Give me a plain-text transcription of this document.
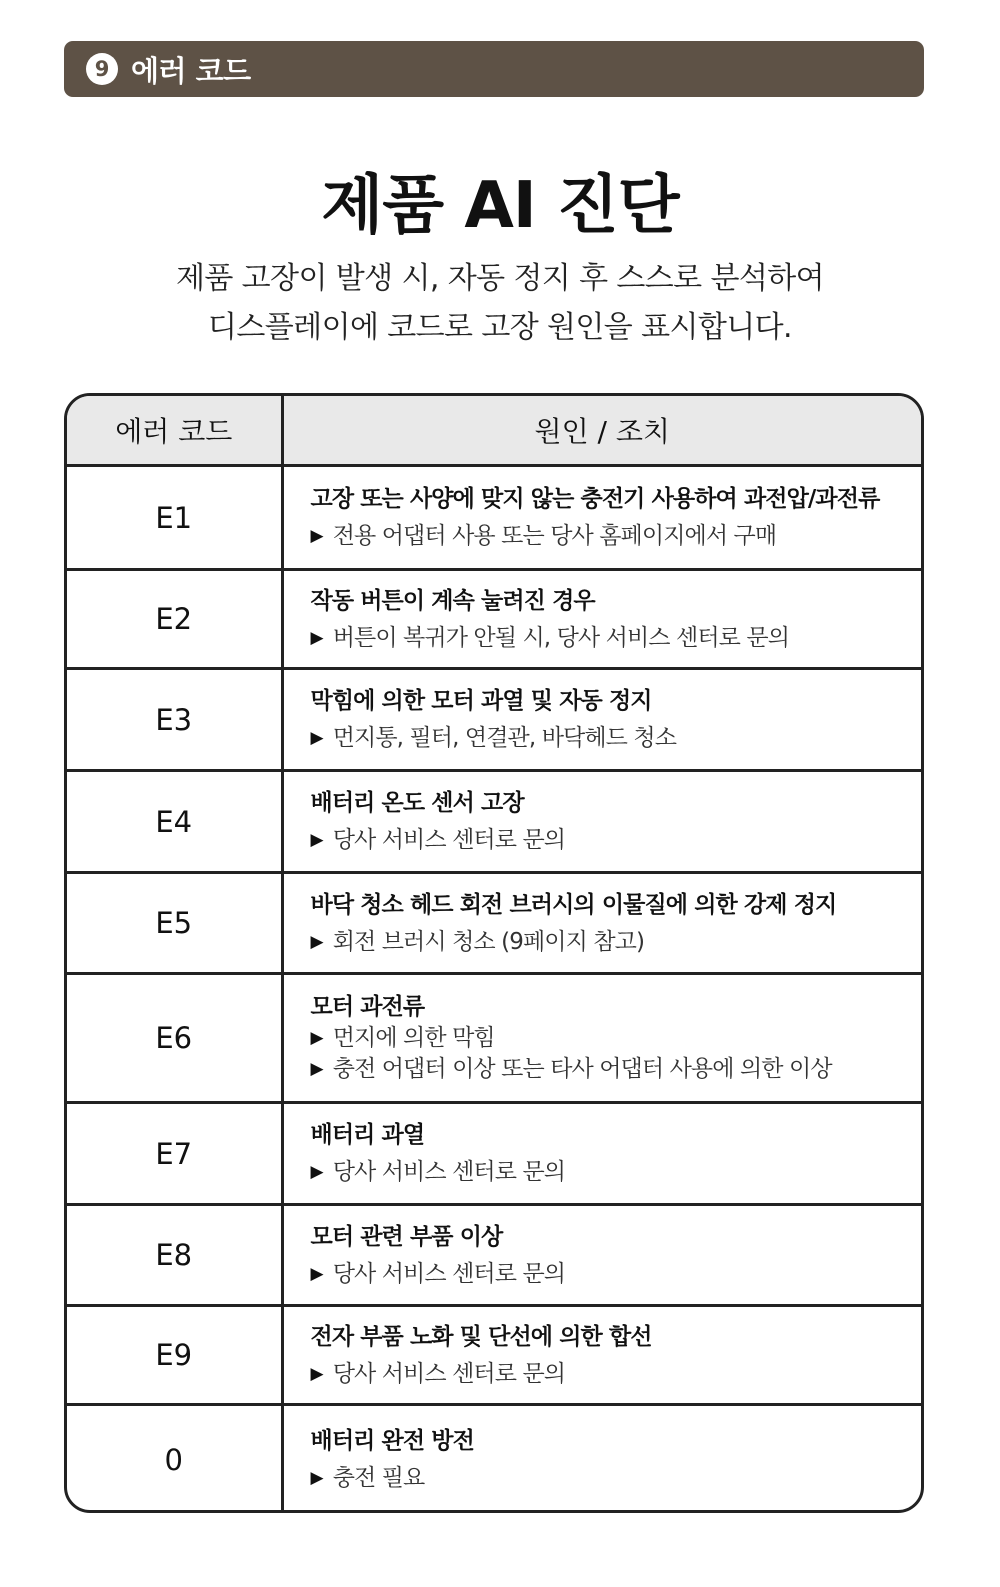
9 에러 코드
제품 AI 진단
제품 고장이 발생 시, 자동 정지 후 스스로 분석하여
디스플레이에 코드로 고장 원인을 표시합니다.
에러 코드	원인 / 조치
E1	고장 또는 사양에 맞지 않는 충전기 사용하여 과전압/과전류
▶ 전용 어댑터 사용 또는 당사 홈페이지에서 구매

E2	작동 버튼이 계속 눌려진 경우
▶ 버튼이 복귀가 안될 시, 당사 서비스 센터로 문의

E3	막힘에 의한 모터 과열 및 자동 정지
▶ 먼지통, 필터, 연결관, 바닥헤드 청소

E4	배터리 온도 센서 고장
▶ 당사 서비스 센터로 문의

E5	바닥 청소 헤드 회전 브러시의 이물질에 의한 강제 정지
▶ 회전 브러시 청소 (9페이지 참고)

E6	모터 과전류
▶ 먼지에 의한 막힘
▶ 충전 어댑터 이상 또는 타사 어댑터 사용에 의한 이상

E7	배터리 과열
▶ 당사 서비스 센터로 문의

E8	모터 관련 부품 이상
▶ 당사 서비스 센터로 문의

E9	전자 부품 노화 및 단선에 의한 합선
▶ 당사 서비스 센터로 문의

0	배터리 완전 방전
▶ 충전 필요
